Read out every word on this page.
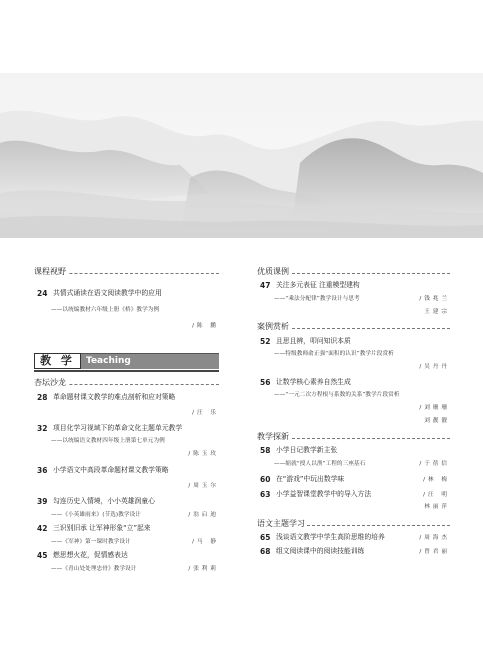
课程视野
24 共情式诵读在语文阅读教学中的应用
——以统编教材六年级上册《桥》教学为例
/陈 鹏
教 学	Teaching
杏坛沙龙
28 革命题材课文教学的难点剖析和应对策略
/汪 乐
32 项目化学习视域下的革命文化主题单元教学
——以统编语文教材四年级上册第七单元为例
/陈玉玫
36 小学语文中高段革命题材课文教学策略
/周玉尔
39 勾连历史入情境，小小英雄润童心
——《小英雄雨来》(节选)教学设计	/翁启迪
42 三识别旧承 让军神形象“立”起来
——《军神》第一课时教学设计	/马 静
45 燃思想火花，促情感表达
——《青山处处埋忠骨》教学设计	/张利莉
优质课例
47 关注多元表征 注重模型建构
——“乘法分配律”教学设计与思考	/钱兆兰
王建宗
案例赏析
52 且思且辨，叩问知识本质
——特级教师俞正强“面积的认识”教学片段赏析
/吴丹丹
56 让数学核心素养自然生成
——“一元二次方程根与系数的关系”教学片段赏析
/刘珊珊
刘靓靓
教学探新
58 小学日记教学新主张
——缩就“授人以渔”工程的三座基石	/于蓓信
60 在“游戏”中玩出数学味	/林 梅
63 小学益智课堂教学中的导入方法	/汪 明
林丽萍
语文主题学习
65 浅谈语文教学中学生高阶思维的培养	/周海杰
68 组文阅读课中的阅读技能训练	/曾君丽
